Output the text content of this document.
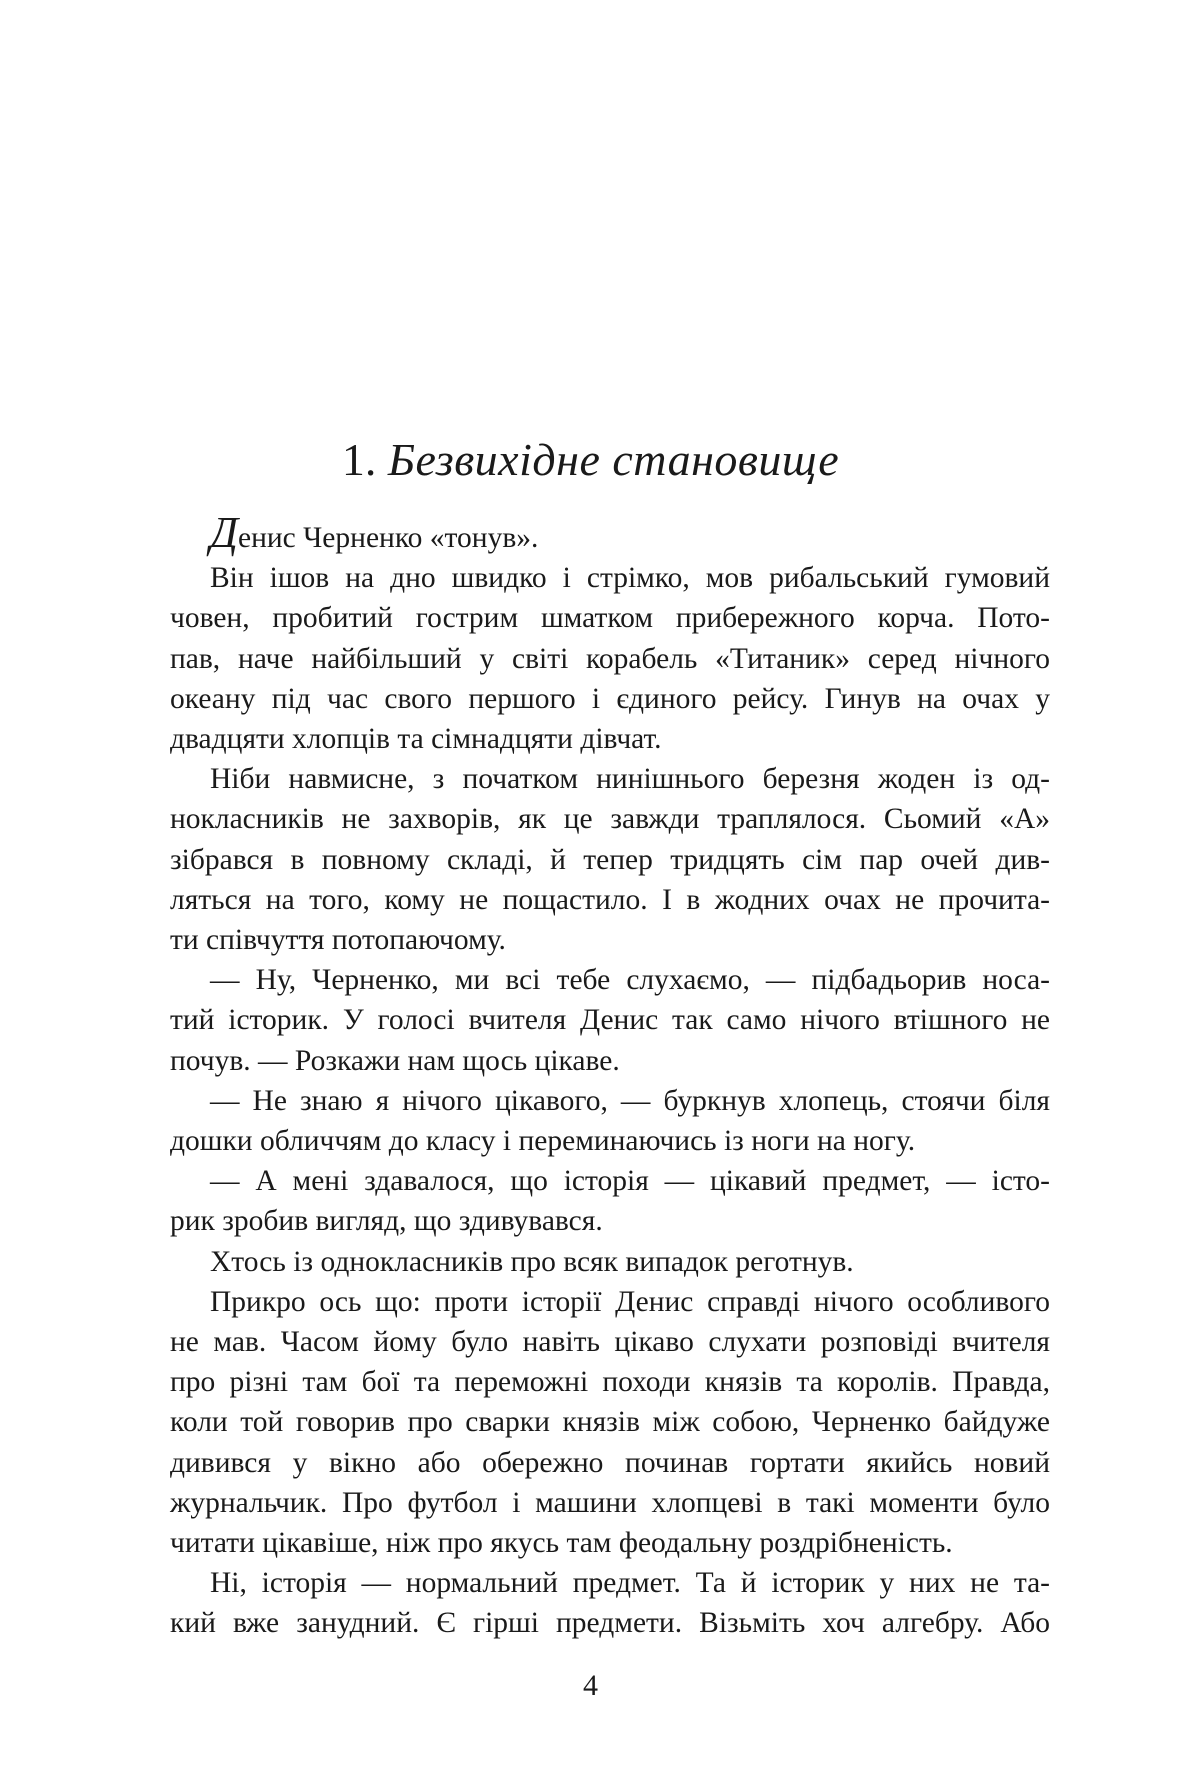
1. Безвихідне становище
Денис Черненко «тонув».
Він ішов на дно швидко і стрімко, мов рибальський гумовий
човен, пробитий гострим шматком прибережного корча. Пото-
пав, наче найбільший у світі корабель «Титаник» серед нічного
океану під час свого першого і єдиного рейсу. Гинув на очах у
двадцяти хлопців та сімнадцяти дівчат.
Ніби навмисне, з початком нинішнього березня жоден із од-
нокласників не захворів, як це завжди траплялося. Сьомий «А»
зібрався в повному складі, й тепер тридцять сім пар очей див-
ляться на того, кому не пощастило. І в жодних очах не прочита-
ти співчуття потопаючому.
— Ну, Черненко, ми всі тебе слухаємо, — підбадьорив носа-
тий історик. У голосі вчителя Денис так само нічого втішного не
почув. — Розкажи нам щось цікаве.
— Не знаю я нічого цікавого, — буркнув хлопець, стоячи біля
дошки обличчям до класу і переминаючись із ноги на ногу.
— А мені здавалося, що історія — цікавий предмет, — істо-
рик зробив вигляд, що здивувався.
Хтось із однокласників про всяк випадок реготнув.
Прикро ось що: проти історії Денис справді нічого особливого
не мав. Часом йому було навіть цікаво слухати розповіді вчителя
про різні там бої та переможні походи князів та королів. Правда,
коли той говорив про сварки князів між собою, Черненко байдуже
дивився у вікно або обережно починав гортати якийсь новий
журнальчик. Про футбол і машини хлопцеві в такі моменти було
читати цікавіше, ніж про якусь там феодальну роздрібненість.
Ні, історія — нормальний предмет. Та й історик у них не та-
кий вже занудний. Є гірші предмети. Візьміть хоч алгебру. Або
4
